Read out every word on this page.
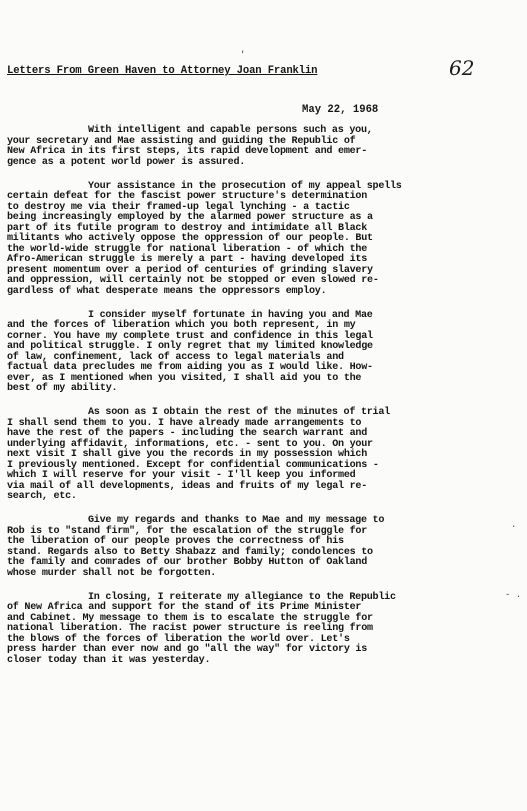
Letters From Green Haven to Attorney Joan Franklin	62
May 22, 1968
With intelligent and capable persons such as you,
your secretary and Mae assisting and guiding the Republic of
New Africa in its first steps, its rapid development and emer-
gence as a potent world power is assured.
Your assistance in the prosecution of my appeal spells
certain defeat for the fascist power structure's determination
to destroy me via their framed-up legal lynching - a tactic
being increasingly employed by the alarmed power structure as a
part of its futile program to destroy and intimidate all Black
militants who actively oppose the oppression of our people. But
the world-wide struggle for national liberation - of which the
Afro-American struggle is merely a part - having developed its
present momentum over a period of centuries of grinding slavery
and oppression, will certainly not be stopped or even slowed re-
gardless of what desperate means the oppressors employ.
I consider myself fortunate in having you and Mae
and the forces of liberation which you both represent, in my
corner. You have my complete trust and confidence in this legal
and political struggle. I only regret that my limited knowledge
of law, confinement, lack of access to legal materials and
factual data precludes me from aiding you as I would like. How-
ever, as I mentioned when you visited, I shall aid you to the
best of my ability.
As soon as I obtain the rest of the minutes of trial
I shall send them to you. I have already made arrangements to
have the rest of the papers - including the search warrant and
underlying affidavit, informations, etc. - sent to you. On your
next visit I shall give you the records in my possession which
I previously mentioned. Except for confidential communications -
which I will reserve for your visit - I'll keep you informed
via mail of all developments, ideas and fruits of my legal re-
search, etc.
Give my regards and thanks to Mae and my message to
Rob is to "stand firm", for the escalation of the struggle for
the liberation of our people proves the correctness of his
stand. Regards also to Betty Shabazz and family; condolences to
the family and comrades of our brother Bobby Hutton of Oakland
whose murder shall not be forgotten.
In closing, I reiterate my allegiance to the Republic
of New Africa and support for the stand of its Prime Minister
and Cabinet. My message to them is to escalate the struggle for
national liberation. The racist power structure is reeling from
the blows of the forces of liberation the world over. Let's
press harder than ever now and go "all the way" for victory is
closer today than it was yesterday.
'
.
- .
